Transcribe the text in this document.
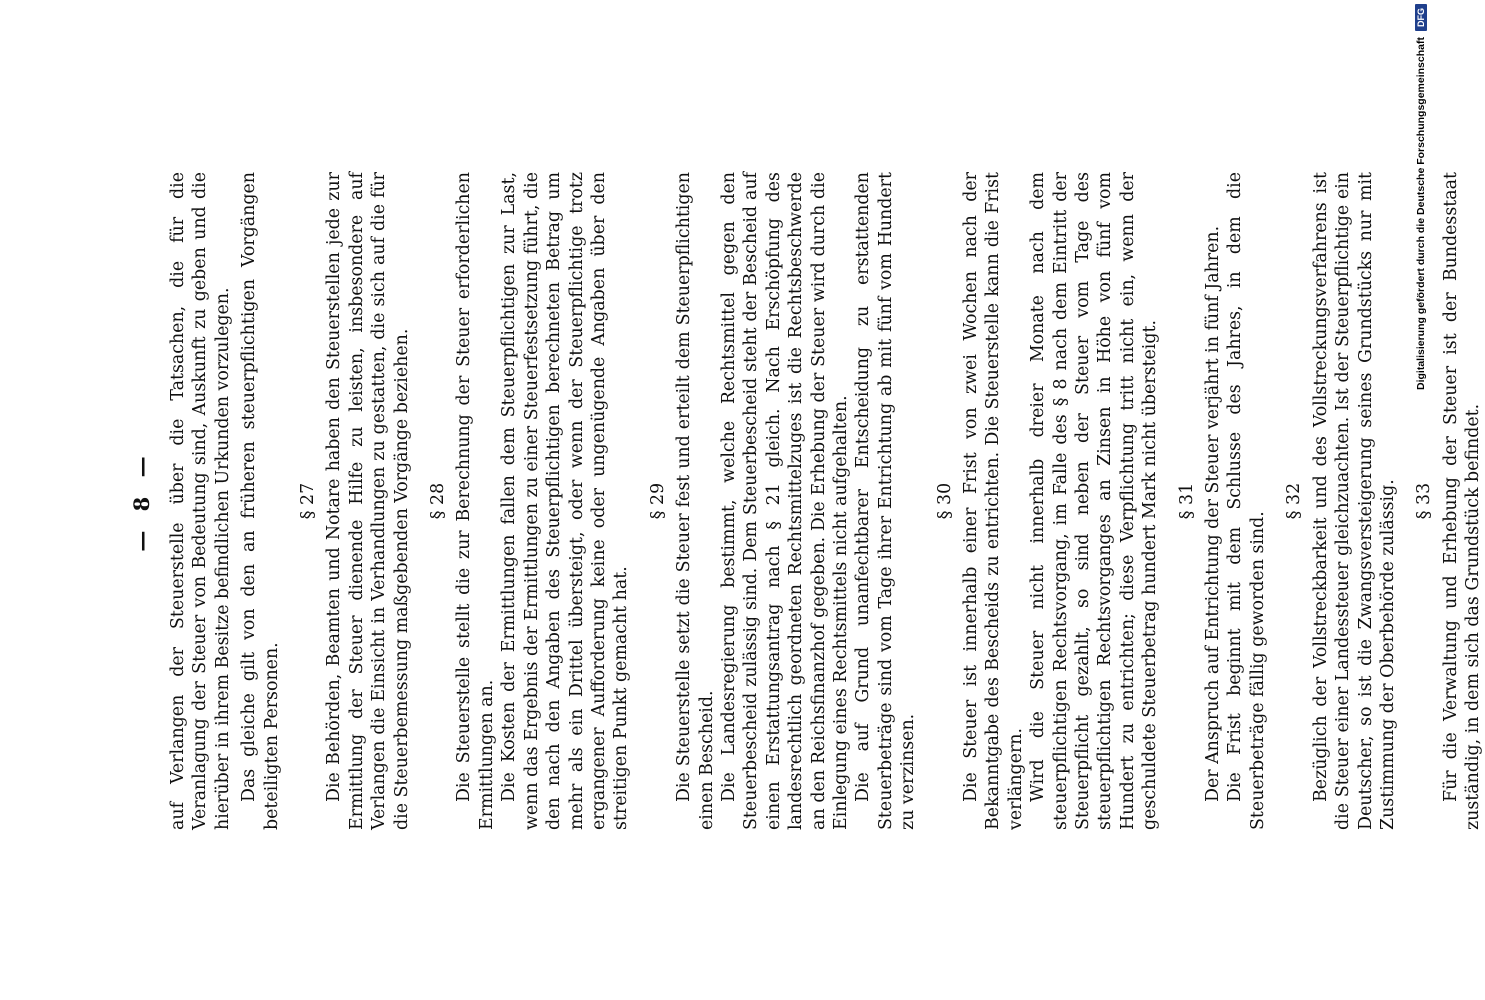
— 8 — auf Verlangen der Steuerstelle über die Tatsachen, die für die Veranlagung der Steuer von Bedeutung sind, Auskunft zu geben und die hierüber in ihrem Besitze befindlichen Urkunden vorzulegen. Das gleiche gilt von den an früheren steuerpflichtigen Vorgängen beteiligten Personen.

§ 27 Die Behörden, Beamten und Notare haben den Steuerstellen jede zur Ermittlung der Steuer dienende Hilfe zu leisten, insbesondere auf Verlangen die Einsicht in Verhandlungen zu gestatten, die sich auf die für die Steuerbemessung maßgebenden Vorgänge beziehen. § 28 Die Steuerstelle stellt die zur Berechnung der Steuer erforderlichen Ermittlungen an. Die Kosten der Ermittlungen fallen dem Steuerpflichtigen zur Last, wenn das Ergebnis der Ermittlungen zu einer Steuerfestsetzung führt, die den nach den Angaben des Steuerpflichtigen berechneten Betrag um mehr als ein Drittel übersteigt, oder wenn der Steuerpflichtige trotz ergangener Aufforderung keine oder ungenügende Angaben über den streitigen Punkt gemacht hat.

§ 29 Die Steuerstelle setzt die Steuer fest und erteilt dem Steuerpflichtigen einen Bescheid. Die Landesregierung bestimmt, welche Rechtsmittel gegen den Steuerbescheid zulässig sind. Dem Steuerbescheid steht der Bescheid auf einen Erstattungsantrag nach § 21 gleich. Nach Erschöpfung des landesrechtlich geordneten Rechtsmittelzuges ist die Rechtsbeschwerde an den Reichsfinanzhof gegeben. Die Erhebung der Steuer wird durch die Einlegung eines Rechtsmittels nicht aufgehalten. Die auf Grund unanfechtbarer Entscheidung zu erstattenden Steuerbeträge sind vom Tage ihrer Entrichtung ab mit fünf vom Hundert zu verzinsen.

§ 30 Die Steuer ist innerhalb einer Frist von zwei Wochen nach der Bekanntgabe des Bescheids zu entrichten. Die Steuerstelle kann die Frist verlängern. Wird die Steuer nicht innerhalb dreier Monate nach dem steuerpflichtigen Rechtsvorgang, im Falle des § 8 nach dem Eintritt der Steuerpflicht gezahlt, so sind neben der Steuer vom Tage des steuerpflichtigen Rechtsvorganges an Zinsen in Höhe von fünf vom Hundert zu entrichten; diese Verpflichtung tritt nicht ein, wenn der geschuldete Steuerbetrag hundert Mark nicht übersteigt. § 31 Der Anspruch auf Entrichtung der Steuer verjährt in fünf Jahren. Die Frist beginnt mit dem Schlusse des Jahres, in dem die Steuerbeträge fällig geworden sind.

§ 32 Bezüglich der Vollstreckbarkeit und des Vollstreckungsverfahrens ist die Steuer einer Landessteuer gleichzuachten. Ist der Steuerpflichtige ein Deutscher, so ist die Zwangsversteigerung seines Grundstücks nur mit Zustimmung der Oberbehörde zulässig. § 33 Für die Verwaltung und Erhebung der Steuer ist der Bundesstaat zuständig, in dem sich das Grundstück befindet.

Digitalisierung gefördert durch die Deutsche Forschungsgemeinschaft
DFG
